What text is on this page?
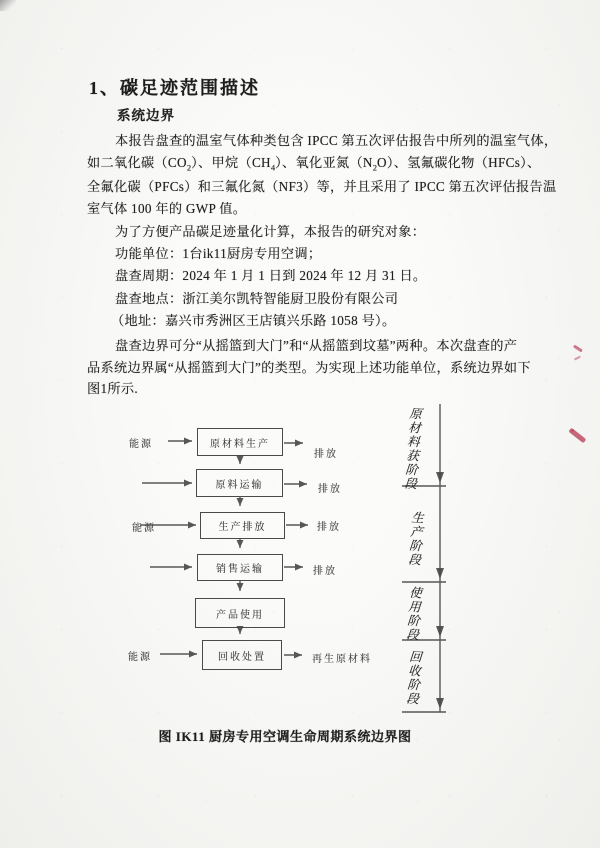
1、碳足迹范围描述
系统边界
本报告盘查的温室气体种类包含 IPCC 第五次评估报告中所列的温室气体，
如二氧化碳$(CO_2)$、甲烷$(CH_4)$、氧化亚氮$(N_2O)$、氢氟碳化物（HFCs）、
全氟化碳（PFCs）和三氟化氮（NF3）等，并且采用了 IPCC 第五次评估报告温
室气体 100 年的 GWP 值。
为了方便产品碳足迹量化计算，本报告的研究对象：
功能单位：1台ik11厨房专用空调；
盘查周期：2024 年 1 月 1 日到 2024 年 12 月 31 日。
盘查地点：浙江美尔凯特智能厨卫股份有限公司
（地址：嘉兴市秀洲区王店镇兴乐路 1058 号）。
盘查边界可分“从摇篮到大门”和“从摇篮到坟墓”两种。本次盘查的产
品系统边界属“从摇篮到大门”的类型。为实现上述功能单位，系统边界如下
图1所示.
原材料生产
原料运输
生产排放
销售运输
产品使用
回收处置
能源
能源
能源
排放
排放
排放
排放
再生原材料
原材料获阶段
生产阶段
使用阶段
回收阶段
图 IK11 厨房专用空调生命周期系统边界图
